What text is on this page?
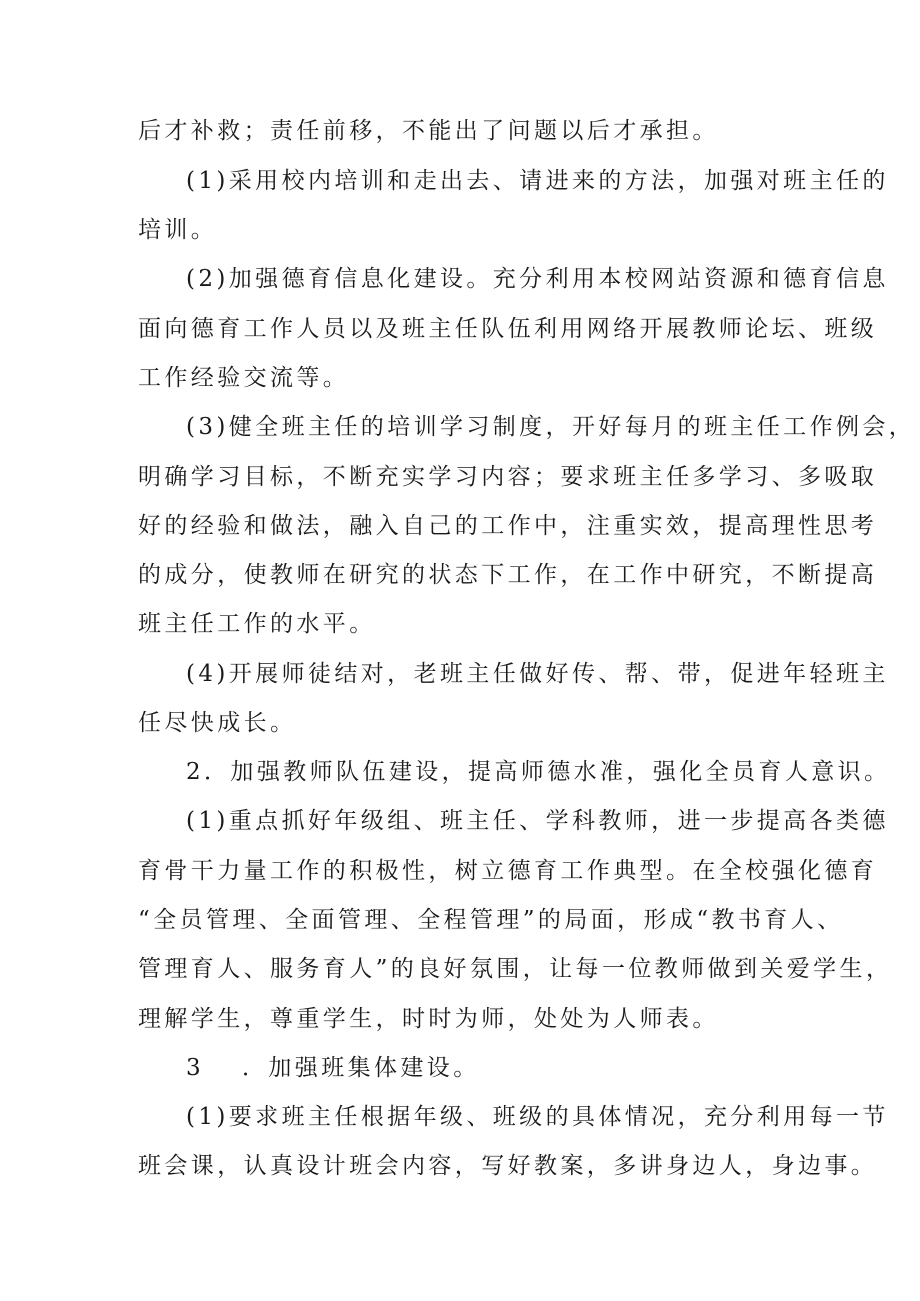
后才补救；责任前移，不能出了问题以后才承担。
(1)采用校内培训和走出去、请进来的方法，加强对班主任的
培训。
(2)加强德育信息化建设。充分利用本校网站资源和德育信息
面向德育工作人员以及班主任队伍利用网络开展教师论坛、班级
工作经验交流等。
(3)健全班主任的培训学习制度，开好每月的班主任工作例会，
明确学习目标，不断充实学习内容；要求班主任多学习、多吸取
好的经验和做法，融入自己的工作中，注重实效，提高理性思考
的成分，使教师在研究的状态下工作，在工作中研究，不断提高
班主任工作的水平。
(4)开展师徒结对，老班主任做好传、帮、带，促进年轻班主
任尽快成长。
2．加强教师队伍建设，提高师德水准，强化全员育人意识。
(1)重点抓好年级组、班主任、学科教师，进一步提高各类德
育骨干力量工作的积极性，树立德育工作典型。在全校强化德育
“全员管理、全面管理、全程管理”的局面，形成“教书育人、
管理育人、服务育人”的良好氛围，让每一位教师做到关爱学生，
理解学生，尊重学生，时时为师，处处为人师表。
3 ．加强班集体建设。
(1)要求班主任根据年级、班级的具体情况，充分利用每一节
班会课，认真设计班会内容，写好教案，多讲身边人，身边事。
